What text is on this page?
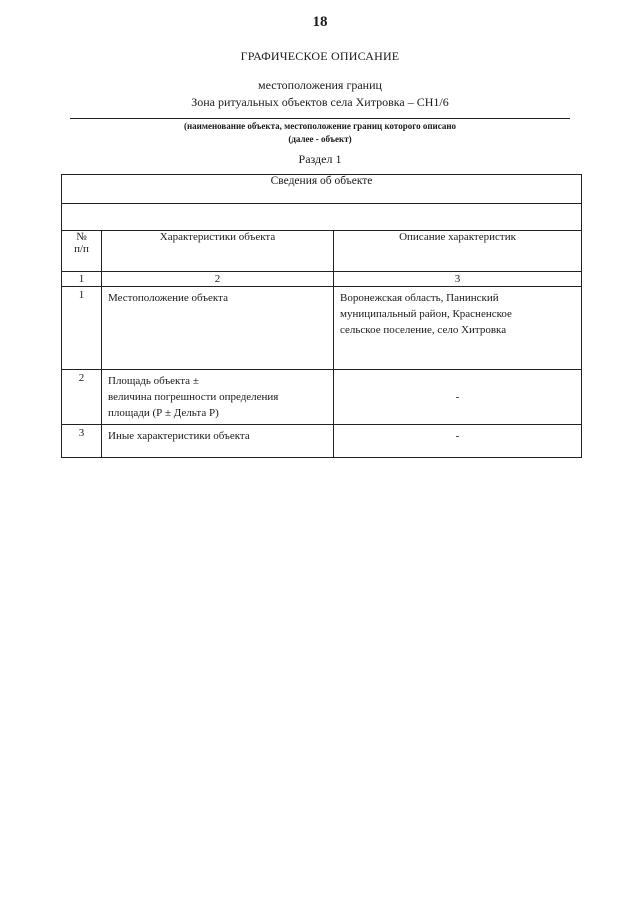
18
ГРАФИЧЕСКОЕ ОПИСАНИЕ
местоположения границ
Зона ритуальных объектов села Хитровка – СН1/6
(наименование объекта, местоположение границ которого описано
(далее - объект)
Раздел 1
Сведения об объекте		

№
п/п	Характеристики объекта	Описание характеристик
1	2	3
1	Местоположение объекта	Воронежская область, Панинский
муниципальный район, Красненское
сельское поселение, село Хитровка

2	Площадь объекта ±
величина погрешности определения
площади (Р ± Дельта Р)	-
3	Иные характеристики объекта	-
